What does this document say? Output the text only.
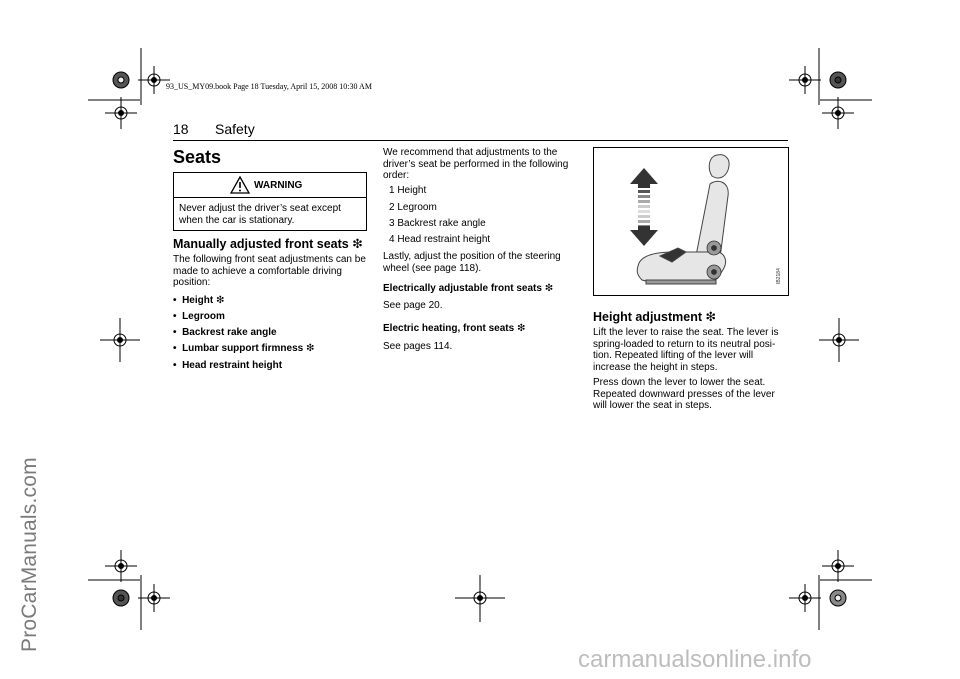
93_US_MY09.book Page 18 Tuesday, April 15, 2008 10:30 AM
ProCarManuals.com
carmanualsonline.info
18 Safety
Seats
WARNING
Never adjust the driver’s seat except when the car is stationary.
Manually adjusted front seats ❇

The following front seat adjustments can be made to achieve a comfortable driving position:

•  Height ❇
•  Legroom
•  Backrest rake angle
•  Lumbar support firmness ❇
•  Head restraint height

We recommend that adjustments to the driver’s seat be performed in the following order:

1 Height
2 Legroom
3 Backrest rake angle
4 Head restraint height

Lastly, adjust the position of the steering wheel (see page 118).

Electrically adjustable front seats ❇

See page 20.

Electric heating, front seats ❇

See pages 114.

IB2184
Height adjustment ❇

Lift the lever to raise the seat. The lever is spring-loaded to return to its neutral posi-tion. Repeated lifting of the lever will increase the height in steps.

Press down the lever to lower the seat. Repeated downward presses of the lever will lower the seat in steps.
